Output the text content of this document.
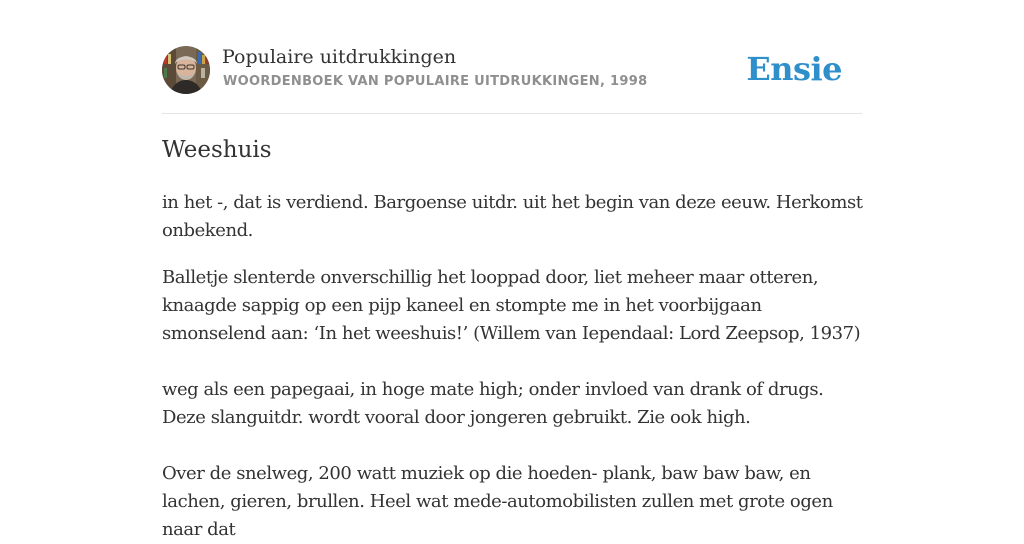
Populaire uitdrukkingen
WOORDENBOEK VAN POPULAIRE UITDRUKKINGEN, 1998	Ensie
Weeshuis

in het -, dat is verdiend. Bargoense uitdr. uit het begin van deze eeuw. Herkomst onbekend.

Balletje slenterde onverschillig het looppad door, liet meheer maar otteren, knaagde sappig op een pijp kaneel en stompte me in het voorbijgaan smonselend aan: ‘In het weeshuis!’ (Willem van Iependaal: Lord Zeepsop, 1937)

weg als een papegaai, in hoge mate high; onder invloed van drank of drugs. Deze slanguitdr. wordt vooral door jongeren gebruikt. Zie ook high.

Over de snelweg, 200 watt muziek op die hoeden- plank, baw baw baw, en lachen, gieren, brullen. Heel wat mede-automobilisten zullen met grote ogen naar dat
